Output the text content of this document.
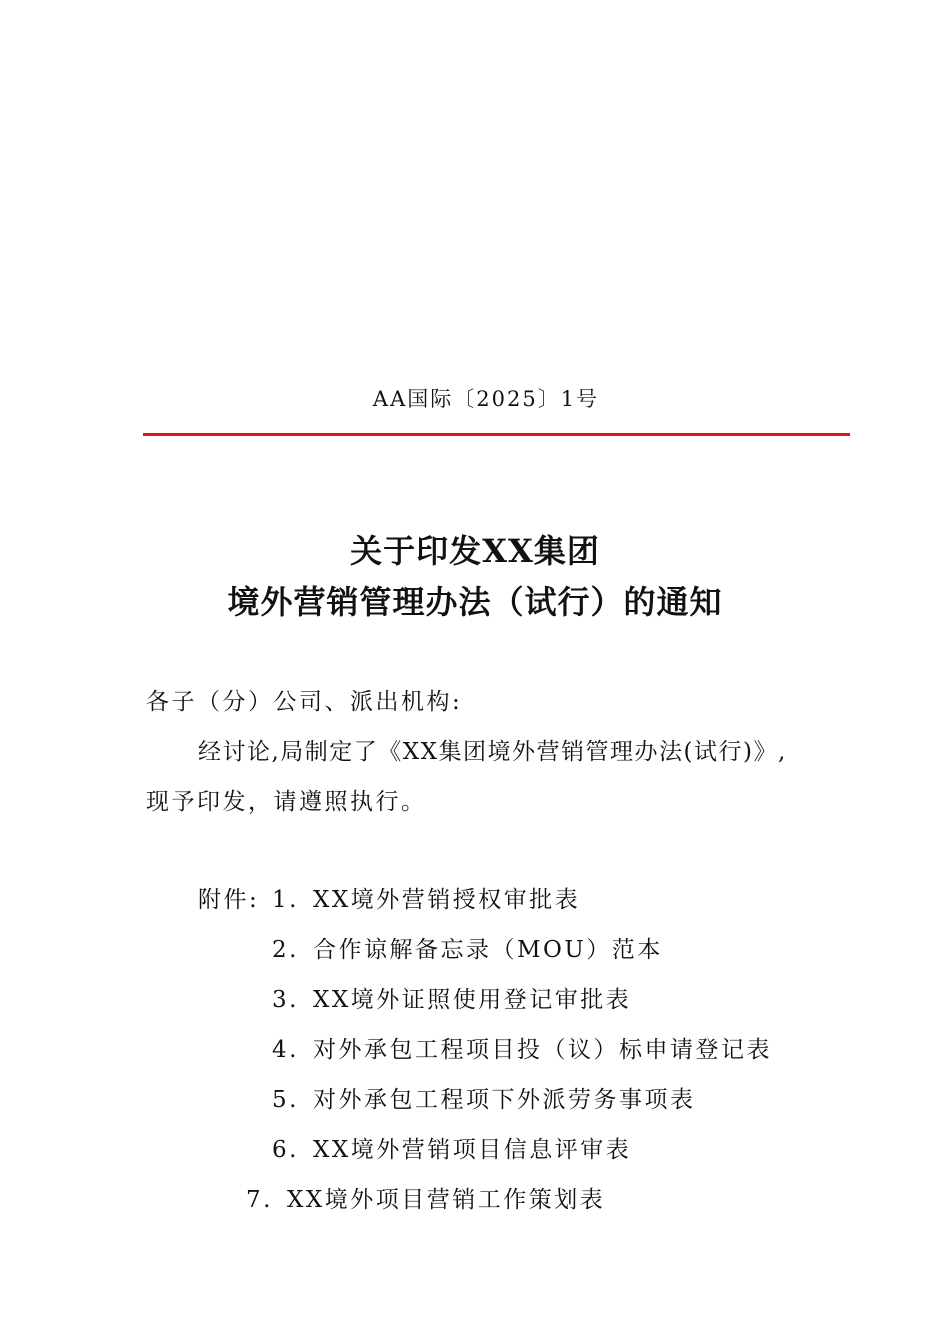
AA国际〔2025〕1号
关于印发XX集团
境外营销管理办法（试行）的通知
各子（分）公司、派出机构:
经讨论,局制定了《XX集团境外营销管理办法(试行)》,
现予印发，请遵照执行。
附件: 1. XX境外营销授权审批表
2. 合作谅解备忘录（MOU）范本
3. XX境外证照使用登记审批表
4. 对外承包工程项目投（议）标申请登记表
5. 对外承包工程项下外派劳务事项表
6. XX境外营销项目信息评审表
7. XX境外项目营销工作策划表
